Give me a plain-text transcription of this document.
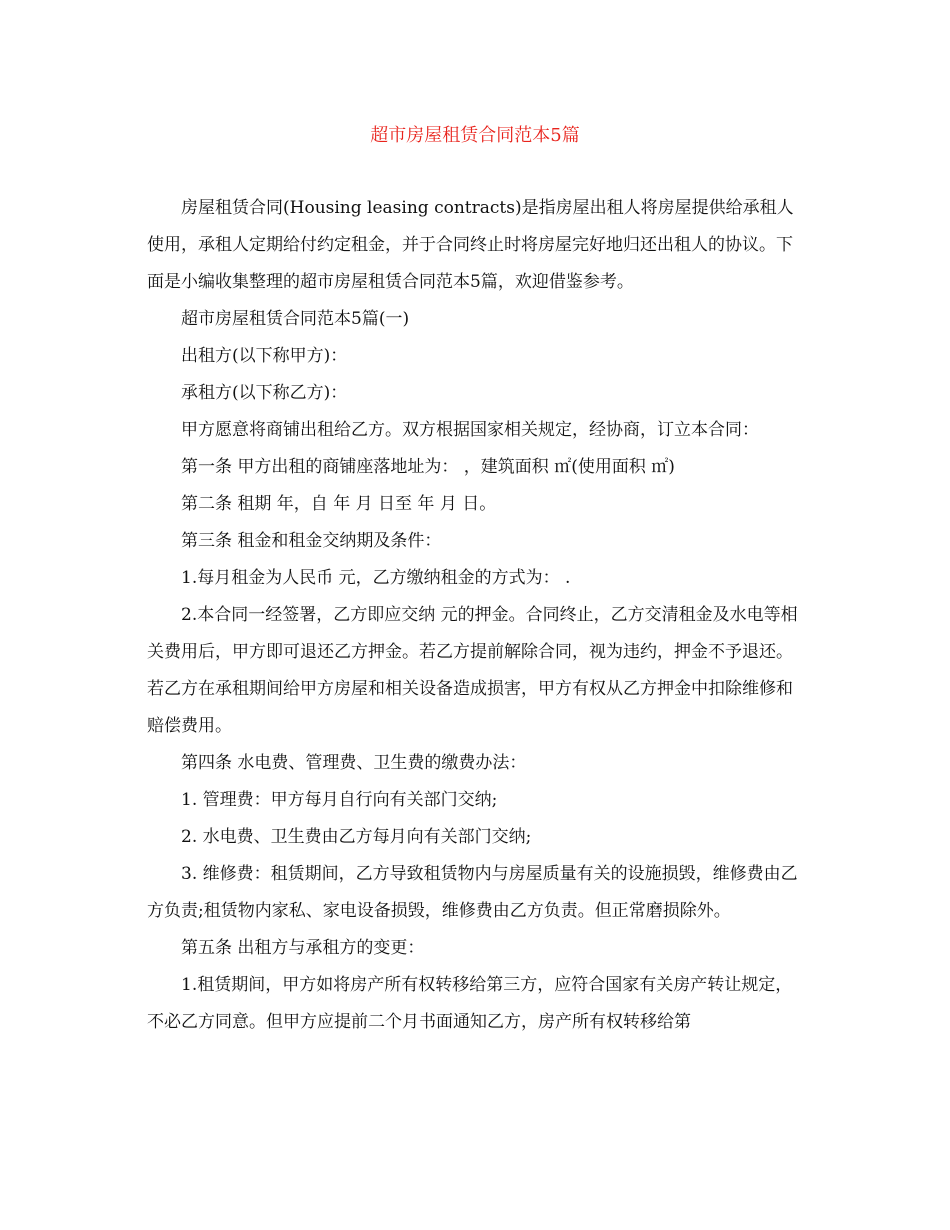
超市房屋租赁合同范本5篇

房屋租赁合同(Housing leasing contracts)是指房屋出租人将房屋提供给承租人使用，承租人定期给付约定租金，并于合同终止时将房屋完好地归还出租人的协议。下面是小编收集整理的超市房屋租赁合同范本5篇，欢迎借鉴参考。

超市房屋租赁合同范本5篇(一)

出租方(以下称甲方)：

承租方(以下称乙方)：

甲方愿意将商铺出租给乙方。双方根据国家相关规定，经协商，订立本合同：

第一条 甲方出租的商铺座落地址为： ，建筑面积 ㎡(使用面积 ㎡)

第二条 租期 年，自 年 月 日至 年 月 日。

第三条 租金和租金交纳期及条件：

1.每月租金为人民币 元，乙方缴纳租金的方式为： .

2.本合同一经签署，乙方即应交纳 元的押金。合同终止，乙方交清租金及水电等相关费用后，甲方即可退还乙方押金。若乙方提前解除合同，视为违约，押金不予退还。若乙方在承租期间给甲方房屋和相关设备造成损害，甲方有权从乙方押金中扣除维修和赔偿费用。

第四条 水电费、管理费、卫生费的缴费办法：

1. 管理费：甲方每月自行向有关部门交纳;

2. 水电费、卫生费由乙方每月向有关部门交纳;

3. 维修费：租赁期间，乙方导致租赁物内与房屋质量有关的设施损毁，维修费由乙方负责;租赁物内家私、家电设备损毁，维修费由乙方负责。但正常磨损除外。

第五条 出租方与承租方的变更：

1.租赁期间，甲方如将房产所有权转移给第三方，应符合国家有关房产转让规定，不必乙方同意。但甲方应提前二个月书面通知乙方，房产所有权转移给第
